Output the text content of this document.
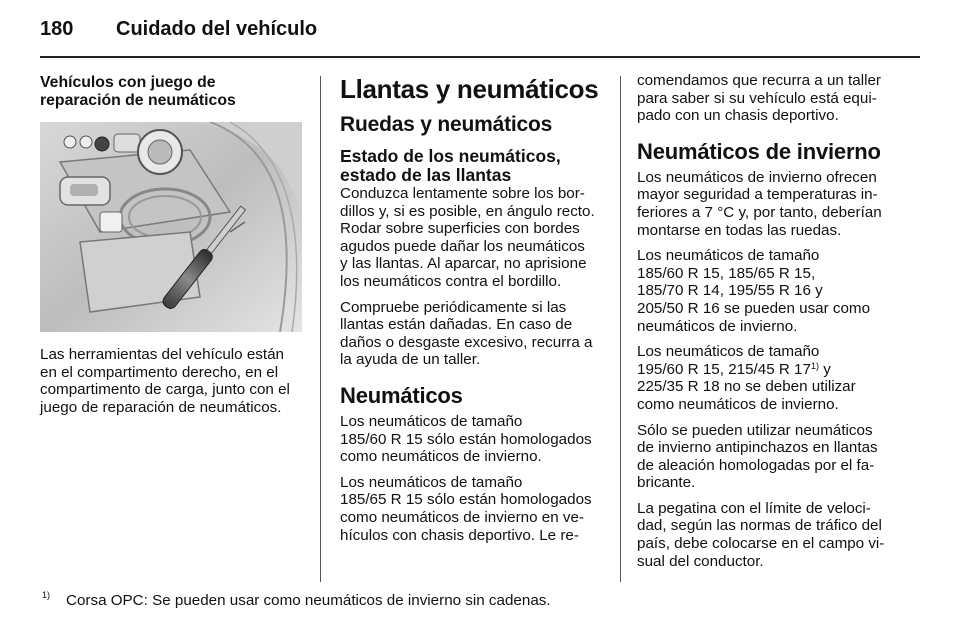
180 Cuidado del vehículo
Vehículos con juego de
reparación de neumáticos

Las herramientas del vehículo están
en el compartimento derecho, en el
compartimento de carga, junto con el
juego de reparación de neumáticos.

Llantas y neumáticos
Ruedas y neumáticos
Estado de los neumáticos,
estado de las llantas

Conduzca lentamente sobre los bor-
dillos y, si es posible, en ángulo recto.
Rodar sobre superficies con bordes
agudos puede dañar los neumáticos
y las llantas. Al aparcar, no aprisione
los neumáticos contra el bordillo.

Compruebe periódicamente si las
llantas están dañadas. En caso de
daños o desgaste excesivo, recurra a
la ayuda de un taller.

Neumáticos

Los neumáticos de tamaño
185/60 R 15 sólo están homologados
como neumáticos de invierno.

Los neumáticos de tamaño
185/65 R 15 sólo están homologados
como neumáticos de invierno en ve-
hículos con chasis deportivo. Le re-

comendamos que recurra a un taller
para saber si su vehículo está equi-
pado con un chasis deportivo.

Neumáticos de invierno

Los neumáticos de invierno ofrecen
mayor seguridad a temperaturas in-
feriores a 7 °C y, por tanto, deberían
montarse en todas las ruedas.

Los neumáticos de tamaño
185/60 R 15, 185/65 R 15,
185/70 R 14, 195/55 R 16 y
205/50 R 16 se pueden usar como
neumáticos de invierno.

Los neumáticos de tamaño
195/60 R 15, 215/45 R 17$^{1)}$ y
225/35 R 18 no se deben utilizar
como neumáticos de invierno.

Sólo se pueden utilizar neumáticos
de invierno antipinchazos en llantas
de aleación homologadas por el fa-
bricante.

La pegatina con el límite de veloci-
dad, según las normas de tráfico del
país, debe colocarse en el campo vi-
sual del conductor.

1) Corsa OPC: Se pueden usar como neumáticos de invierno sin cadenas.
